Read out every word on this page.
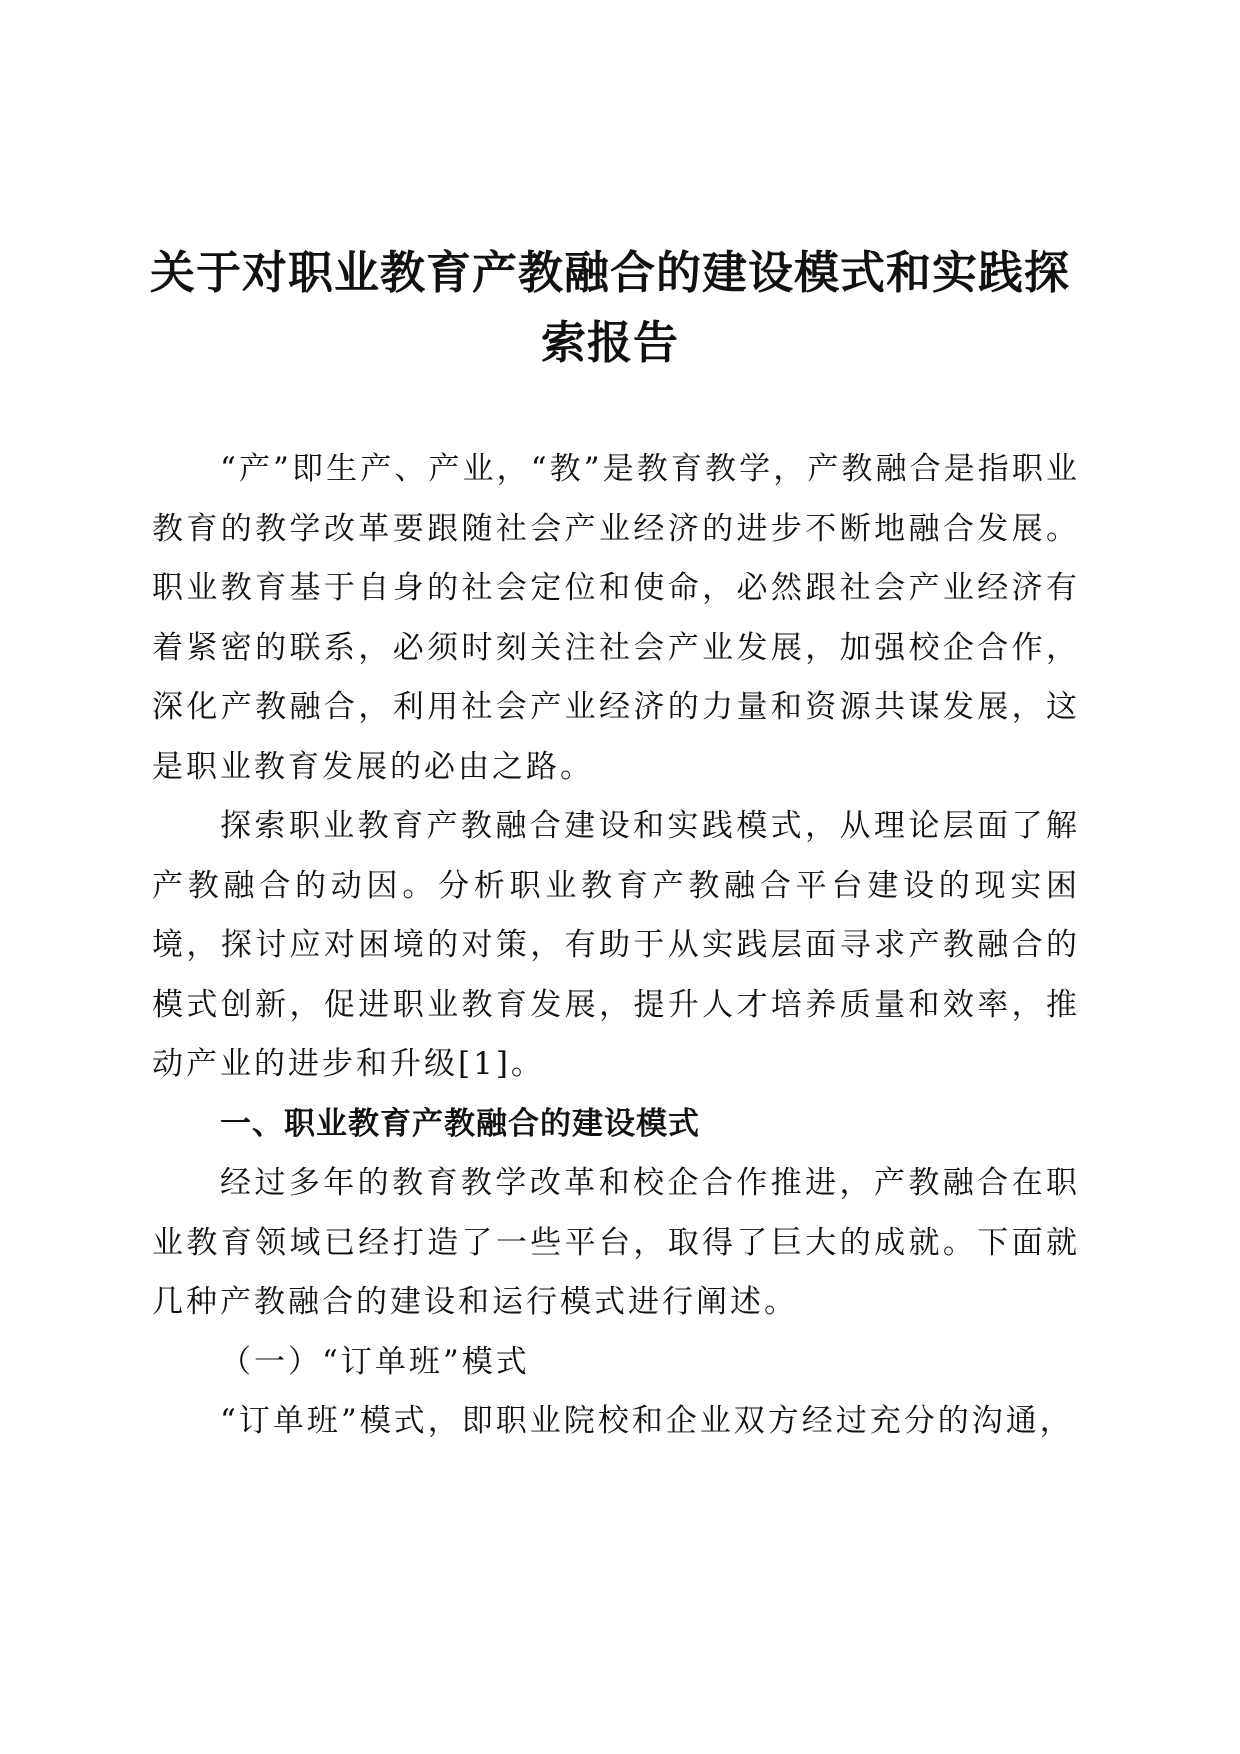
关于对职业教育产教融合的建设模式和实践探索报告

“产”即生产、产业，“教”是教育教学，产教融合是指职业教育的教学改革要跟随社会产业经济的进步不断地融合发展。职业教育基于自身的社会定位和使命，必然跟社会产业经济有着紧密的联系，必须时刻关注社会产业发展，加强校企合作，深化产教融合，利用社会产业经济的力量和资源共谋发展，这是职业教育发展的必由之路。

探索职业教育产教融合建设和实践模式，从理论层面了解产教融合的动因。分析职业教育产教融合平台建设的现实困境，探讨应对困境的对策，有助于从实践层面寻求产教融合的模式创新，促进职业教育发展，提升人才培养质量和效率，推动产业的进步和升级[1]。

一、职业教育产教融合的建设模式

经过多年的教育教学改革和校企合作推进，产教融合在职业教育领域已经打造了一些平台，取得了巨大的成就。下面就几种产教融合的建设和运行模式进行阐述。

（一）“订单班”模式

“订单班”模式，即职业院校和企业双方经过充分的沟通，
